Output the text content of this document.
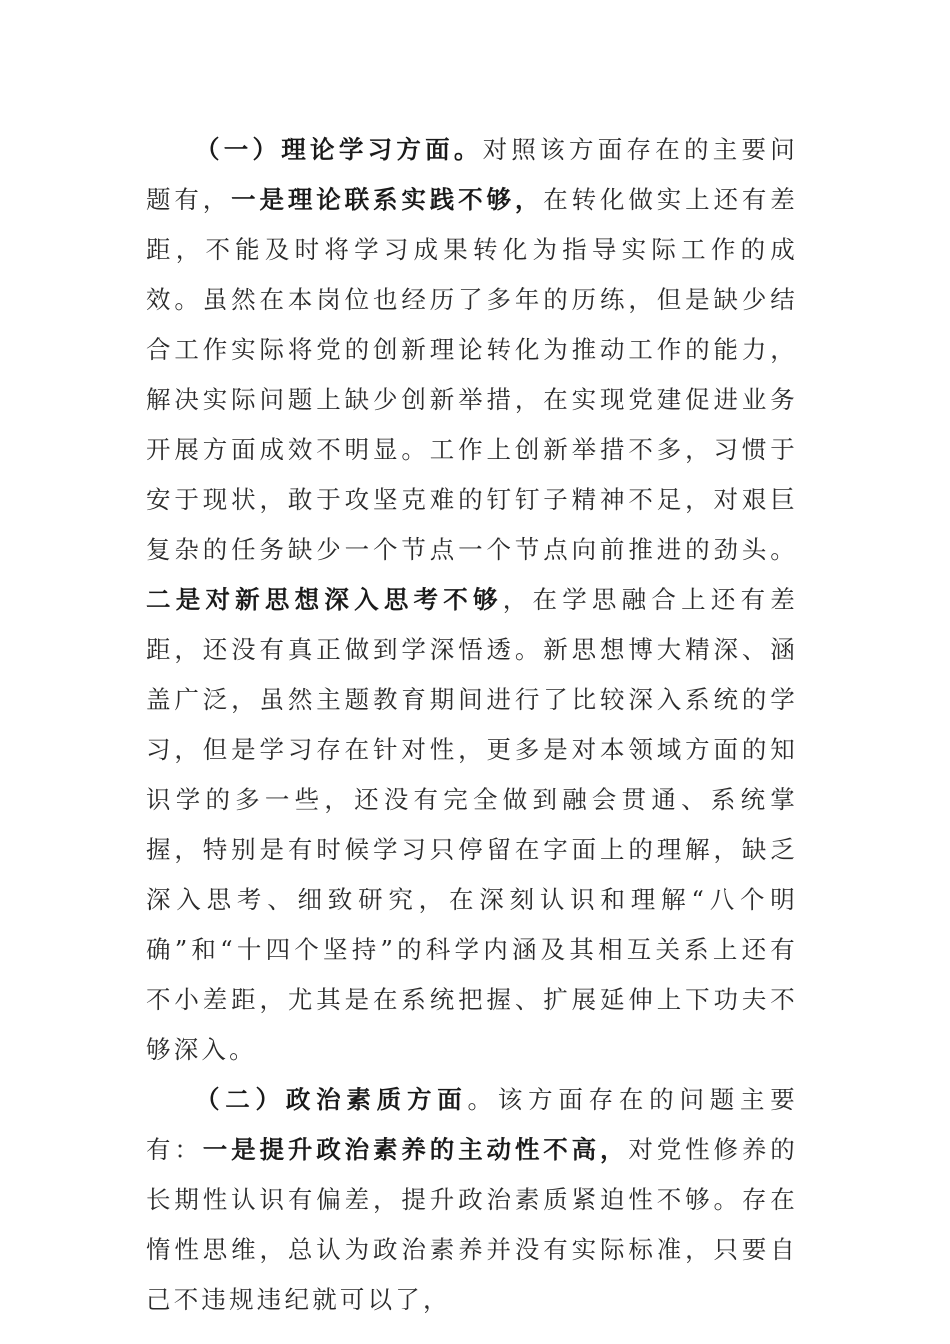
（一）理论学习方面。对照该方面存在的主要问题有，一是理论联系实践不够，在转化做实上还有差距，不能及时将学习成果转化为指导实际工作的成效。虽然在本岗位也经历了多年的历练，但是缺少结合工作实际将党的创新理论转化为推动工作的能力，解决实际问题上缺少创新举措，在实现党建促进业务开展方面成效不明显。工作上创新举措不多，习惯于安于现状，敢于攻坚克难的钉钉子精神不足，对艰巨复杂的任务缺少一个节点一个节点向前推进的劲头。二是对新思想深入思考不够，在学思融合上还有差距，还没有真正做到学深悟透。新思想博大精深、涵盖广泛，虽然主题教育期间进行了比较深入系统的学习，但是学习存在针对性，更多是对本领域方面的知识学的多一些，还没有完全做到融会贯通、系统掌握，特别是有时候学习只停留在字面上的理解，缺乏深入思考、细致研究，在深刻认识和理解“八个明确”和“十四个坚持”的科学内涵及其相互关系上还有不小差距，尤其是在系统把握、扩展延伸上下功夫不够深入。

（二）政治素质方面。该方面存在的问题主要有：一是提升政治素养的主动性不高，对党性修养的长期性认识有偏差，提升政治素质紧迫性不够。存在惰性思维，总认为政治素养并没有实际标准，只要自己不违规违纪就可以了，
